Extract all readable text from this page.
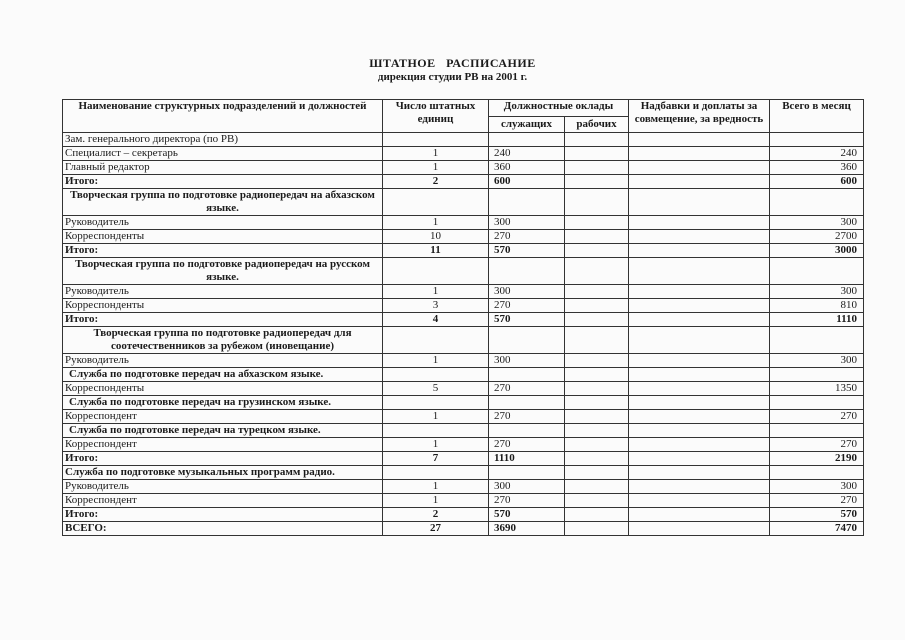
ШТАТНОЕ   РАСПИСАНИЕ
дирекция студии РВ на 2001 г.
Наименование структурных подразделений и должностей	Число штатных единиц	Должностные оклады		Надбавки и доплаты за совмещение, за вредность	Всего в месяц
		служащих	рабочих		
Зам. генерального директора (по РВ)					
Специалист – секретарь	1	240			240
Главный редактор	1	360			360
Итого:	2	600			600
Творческая группа по подготовке радиопередач на абхазском языке.					
Руководитель	1	300			300
Корреспонденты	10	270			2700
Итого:	11	570			3000
Творческая группа по подготовке радиопередач на русском языке.					
Руководитель	1	300			300
Корреспонденты	3	270			810
Итого:	4	570			1110
Творческая группа по подготовке радиопередач для соотечественников за рубежом (иновещание)					
Руководитель	1	300			300
Служба по подготовке передач на абхазском языке.					
Корреспонденты	5	270			1350
Служба по подготовке передач на грузинском языке.					
Корреспондент	1	270			270
Служба по подготовке передач на турецком языке.					
Корреспондент	1	270			270
Итого:	7	1110			2190
Служба по подготовке музыкальных программ радио.					
Руководитель	1	300			300
Корреспондент	1	270			270
Итого:	2	570			570
ВСЕГО:	27	3690			7470
